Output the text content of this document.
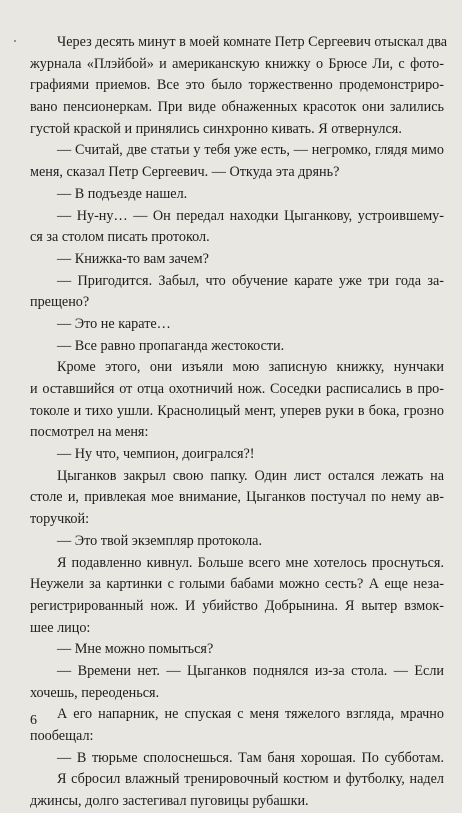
Через десять минут в моей комнате Петр Сергеевич отыскал два
журнала «Плэйбой» и американскую книжку о Брюсе Ли, с фото-
графиями приемов. Все это было торжественно продемонстриро-
вано пенсионеркам. При виде обнаженных красоток они залились
густой краской и принялись синхронно кивать. Я отвернулся.
— Считай, две статьи у тебя уже есть, — негромко, глядя мимо
меня, сказал Петр Сергеевич. — Откуда эта дрянь?
— В подъезде нашел.
— Ну-ну… — Он передал находки Цыганкову, устроившему-
ся за столом писать протокол.
— Книжка-то вам зачем?
— Пригодится. Забыл, что обучение карате уже три года за-
прещено?
— Это не карате…
— Все равно пропаганда жестокости.
Кроме этого, они изъяли мою записную книжку, нунчаки
и оставшийся от отца охотничий нож. Соседки расписались в про-
токоле и тихо ушли. Краснолицый мент, уперев руки в бока, грозно
посмотрел на меня:
— Ну что, чемпион, доигрался?!
Цыганков закрыл свою папку. Один лист остался лежать на
столе и, привлекая мое внимание, Цыганков постучал по нему ав-
торучкой:
— Это твой экземпляр протокола.
Я подавленно кивнул. Больше всего мне хотелось проснуться.
Неужели за картинки с голыми бабами можно сесть? А еще неза-
регистрированный нож. И убийство Добрынина. Я вытер взмок-
шее лицо:
— Мне можно помыться?
— Времени нет. — Цыганков поднялся из-за стола. — Если
хочешь, переоденься.
А его напарник, не спуская с меня тяжелого взгляда, мрачно
пообещал:
— В тюрьме сполоснешься. Там баня хорошая. По субботам.
Я сбросил влажный тренировочный костюм и футболку, надел
джинсы, долго застегивал пуговицы рубашки.
6
